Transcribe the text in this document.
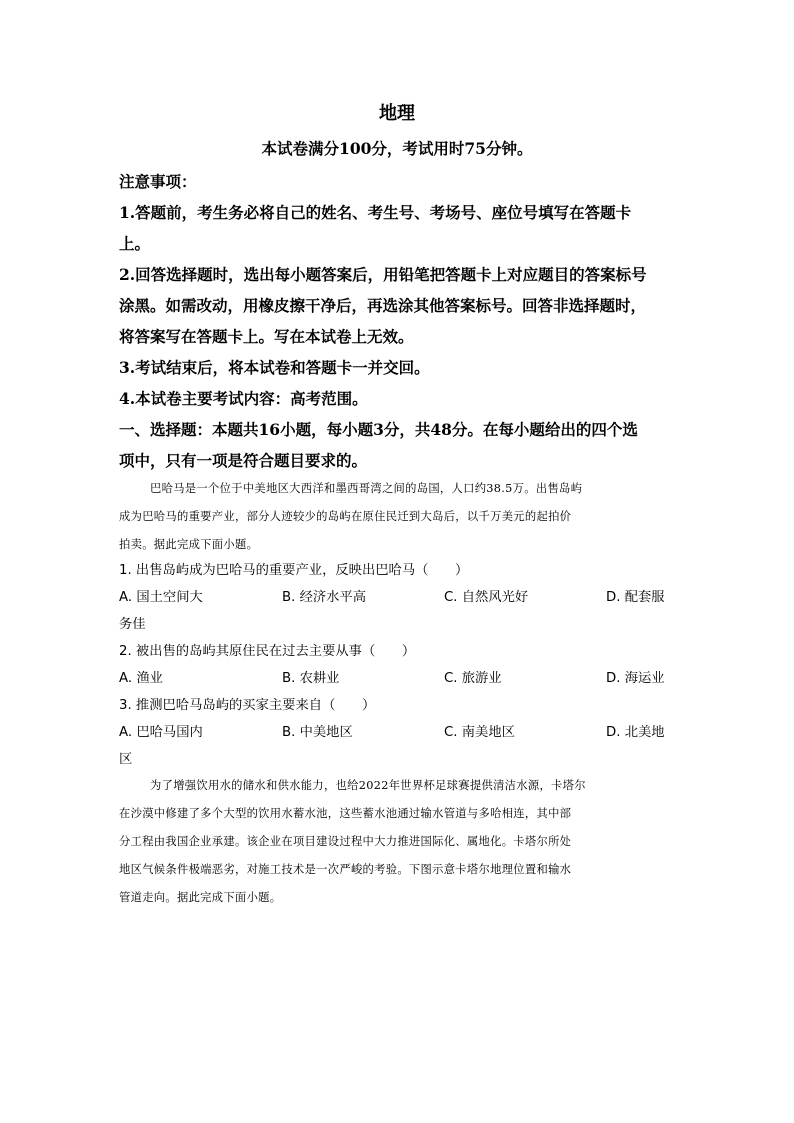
地理
本试卷满分100分，考试用时75分钟。

注意事项：

1.答题前，考生务必将自己的姓名、考生号、考场号、座位号填写在答题卡

上。

2.回答选择题时，选出每小题答案后，用铅笔把答题卡上对应题目的答案标号

涂黑。如需改动，用橡皮擦干净后，再选涂其他答案标号。回答非选择题时，

将答案写在答题卡上。写在本试卷上无效。

3.考试结束后，将本试卷和答题卡一并交回。

4.本试卷主要考试内容：高考范围。

一、选择题：本题共16小题，每小题3分，共48分。在每小题给出的四个选

项中，只有一项是符合题目要求的。

巴哈马是一个位于中美地区大西洋和墨西哥湾之间的岛国，人口约38.5万。出售岛屿

成为巴哈马的重要产业，部分人迹较少的岛屿在原住民迁到大岛后，以千万美元的起拍价

拍卖。据此完成下面小题。

1. 出售岛屿成为巴哈马的重要产业，反映出巴哈马（　　）

A. 国土空间大	B. 经济水平高	C. 自然风光好	D. 配套服
务佳

2. 被出售的岛屿其原住民在过去主要从事（　　）

A. 渔业	B. 农耕业	C. 旅游业	D. 海运业

3. 推测巴哈马岛屿的买家主要来自（　　）

A. 巴哈马国内	B. 中美地区	C. 南美地区	D. 北美地
区

为了增强饮用水的储水和供水能力，也给2022年世界杯足球赛提供清洁水源，卡塔尔

在沙漠中修建了多个大型的饮用水蓄水池，这些蓄水池通过输水管道与多哈相连，其中部

分工程由我国企业承建。该企业在项目建设过程中大力推进国际化、属地化。卡塔尔所处

地区气候条件极端恶劣，对施工技术是一次严峻的考验。下图示意卡塔尔地理位置和输水

管道走向。据此完成下面小题。
